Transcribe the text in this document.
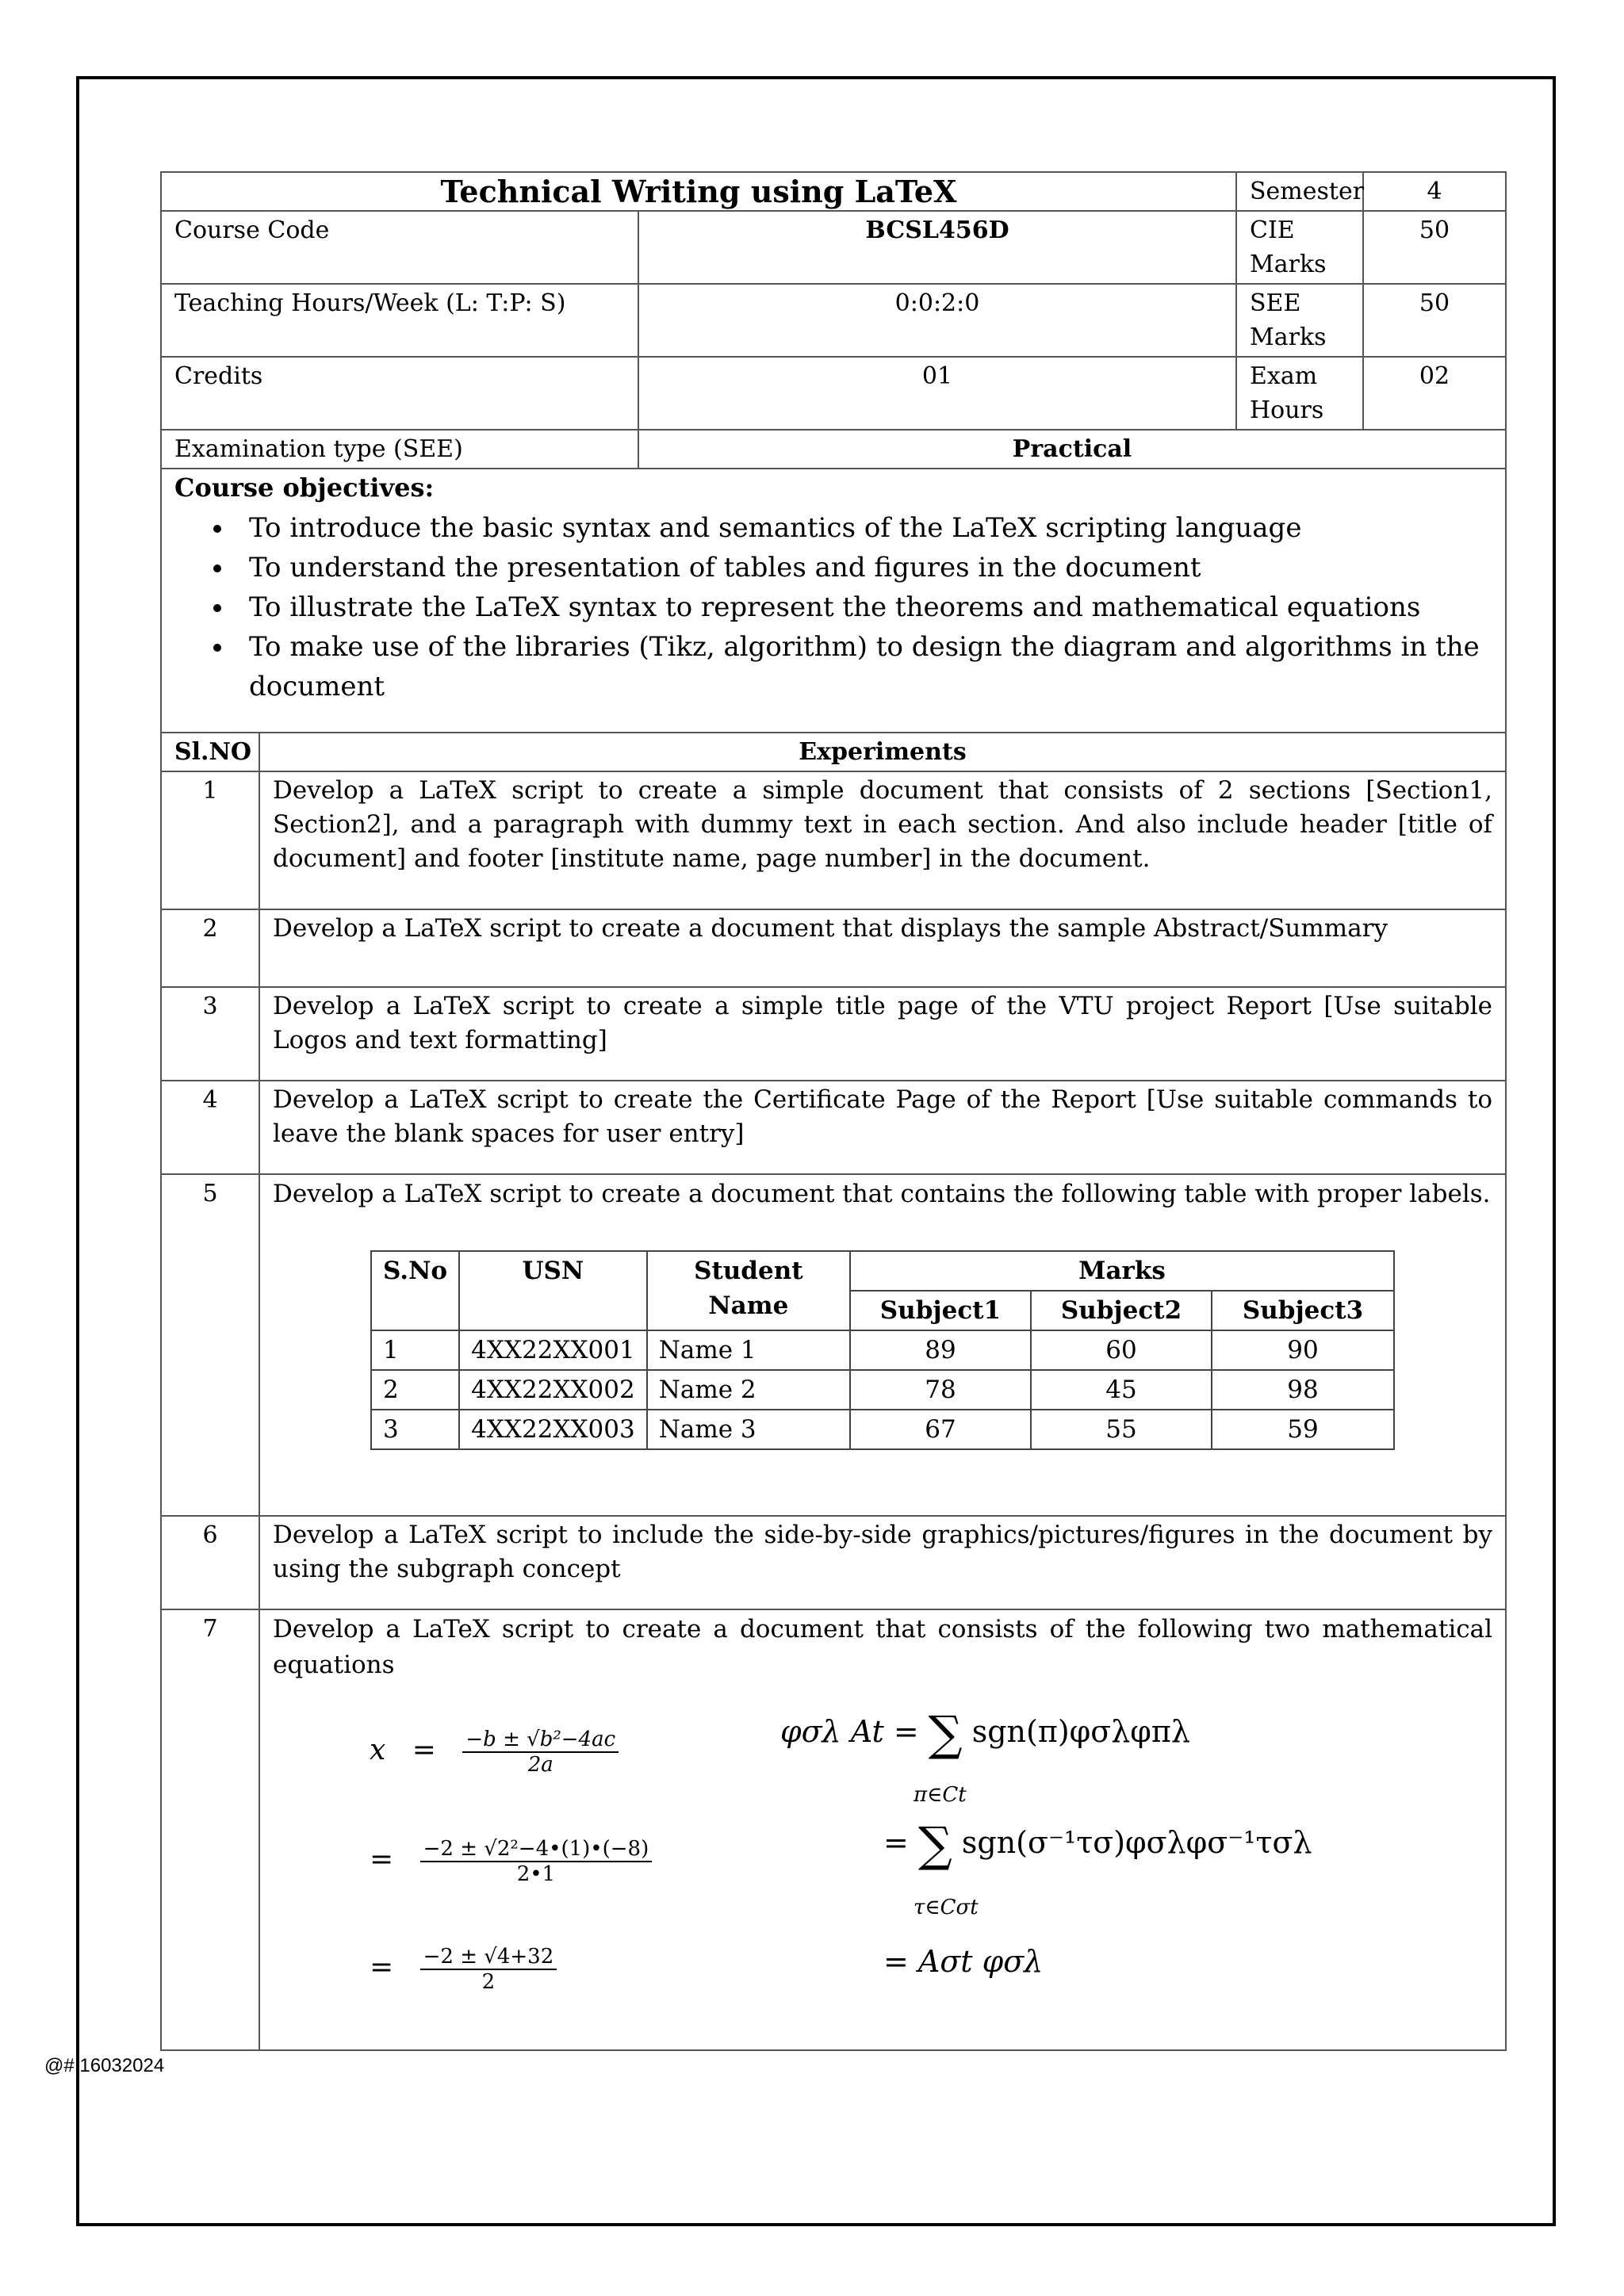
Technical Writing using LaTeX	Semester	4
Course Code	BCSL456D	CIE Marks	50
Teaching Hours/Week (L: T:P: S)	0:0:2:0	SEE Marks	50
Credits	01	Exam Hours	02
Examination type (SEE)	Practical

Course objectives:
• To introduce the basic syntax and semantics of the LaTeX scripting language
• To understand the presentation of tables and figures in the document
• To illustrate the LaTeX syntax to represent the theorems and mathematical equations
• To make use of the libraries (Tikz, algorithm) to design the diagram and algorithms in the document

Sl.NO	Experiments
1	Develop a LaTeX script to create a simple document that consists of 2 sections [Section1, Section2], and a paragraph with dummy text in each section. And also include header [title of document] and footer [institute name, page number] in the document.
2	Develop a LaTeX script to create a document that displays the sample Abstract/Summary
3	Develop a LaTeX script to create a simple title page of the VTU project Report [Use suitable Logos and text formatting]
4	Develop a LaTeX script to create the Certificate Page of the Report [Use suitable commands to leave the blank spaces for user entry]
5	Develop a LaTeX script to create a document that contains the following table with proper labels.
S.No	USN	Student Name	Marks
Subject1	Subject2	Subject3
1	4XX22XX001	Name 1	89	60	90
2	4XX22XX002	Name 2	78	45	98
3	4XX22XX003	Name 3	67	55	59

6	Develop a LaTeX script to include the side-by-side graphics/pictures/figures in the document by using the subgraph concept
7	Develop a LaTeX script to create a document that consists of the following two mathematical equations
$x = \frac{\text{−b ± √b²−4ac}}{2a}$
= $\frac{\text{−2 ± √2²−4•(1)•(−8)}}{2•1}$
= $\frac{-2 \pm √4+32}{2}$
φσλ At = ∑ sgn(π)φσλφπλ
π∈Ct
= ∑ sgn(σ⁻¹τσ)φσλφσ⁻¹τσλ
τ∈Cσt
= Aσt φσλ
@# 16032024
